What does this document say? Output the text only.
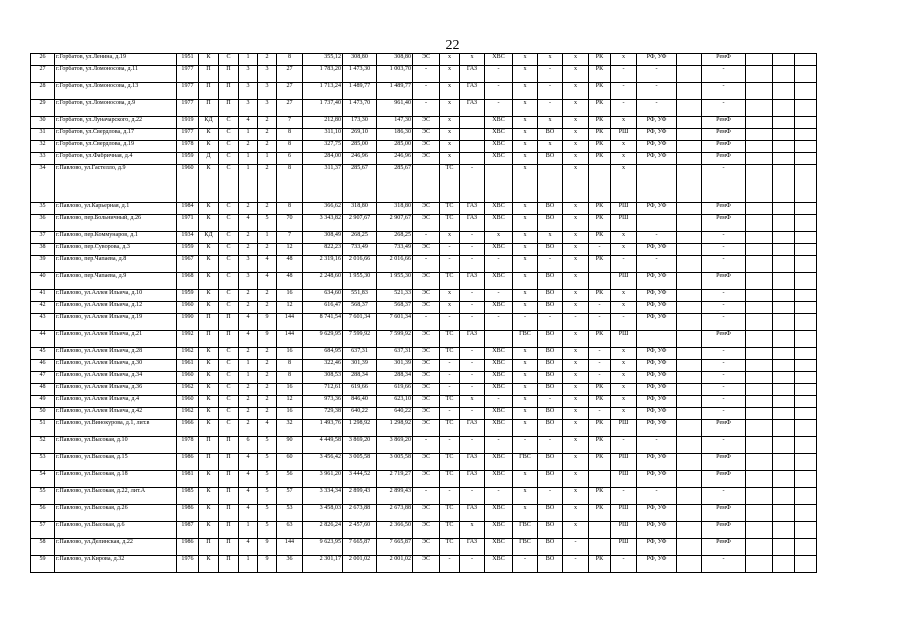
22
26	г.Горбатов, ул.Ленина, д.19	1951	К	С	1	2	8	355,12	308,80	308,80	ЭС	х	х	ХВС	х	х	х	РК	х	РФ, УФ		РемФ			
27	г.Горбатов, ул.Ломоносова, д.11	1977	П	П	3	3	27	1 783,20	1 473,30	1 003,70	-	х	ГАЗ	-	х	-	х	РК	-	-		-			
28	г.Горбатов, ул.Ломоносова, д.13	1977	П	П	3	3	27	1 713,24	1 489,77	1 489,77	-	х	ГАЗ	-	х	-	х	РК	-	-		-			
29	г.Горбатов, ул.Ломоносова, д.9	1977	П	П	3	3	27	1 737,40	1 473,70	961,40	-	х	ГАЗ	-	х	-	х	РК	-	-		-			
30	г.Горбатов, ул.Луначарского, д.22	1919	КД	С	4	2	7	212,80	173,30	147,30	ЭС	х		ХВС	х	х	х	РК	х	РФ, УФ		РемФ			
31	г.Горбатов, ул.Свердлова, д.17	1977	К	С	1	2	8	311,10	269,10	186,30	ЭС	х		ХВС	х	ВО	х	РК	РШ	РФ, УФ		РемФ			
32	г.Горбатов, ул.Свердлова, д.19	1978	К	С	2	2	8	327,75	285,00	285,00	ЭС	х		ХВС	х	х	х	РК	х	РФ, УФ		РемФ			
33	г.Горбатов, ул.Фабричная, д.4	1959	Д	С	1	1	6	284,00	246,96	246,96	ЭС	х		ХВС	х	ВО	х	РК	х	РФ, УФ		РемФ			
34	г.Павлово, ул.Гастелло, д.9	1960	К	С	1	2	8	311,37	285,67	285,67		ТС	-		х		х		х			-			
35	г.Павлово, ул.Карьерная, д.1	1984	К	С	2	2	8	366,62	318,80	318,80	ЭС	ТС	ГАЗ	ХВС	х	ВО	х	РК	РШ	РФ, УФ		РемФ			
36	г.Павлово, пер.Больничный, д.26	1971	К	С	4	5	70	3 343,82	2 907,67	2 907,67	ЭС	ТС	ГАЗ	ХВС	х	ВО	х	РК	РШ			РемФ			
37	г.Павлово, пер.Коммунаров, д.1	1934	КД	С	2	1	7	308,49	268,25	268,25	-	х	-	х	х	х	х	РК	х	-		-			
38	г.Павлово, пер.Суворова, д.3	1959	К	С	2	2	12	822,23	733,49	733,49	ЭС	-	-	ХВС	х	ВО	х	-	х	РФ, УФ		-			
39	г.Павлово, пер.Чапаева, д.8	1967	К	С	3	4	48	2 319,16	2 016,66	2 016,66	-	-	-	-	х	-	х	РК	-	-		-			
40	г.Павлово, пер.Чапаева, д.9	1968	К	С	3	4	48	2 248,60	1 955,30	1 955,30	ЭС	ТС	ГАЗ	ХВС	х	ВО	х		РШ	РФ, УФ		РемФ			
41	г.Павлово, ул.Аллея Ильича, д.10	1959	К	С	2	2	16	634,60	551,83	521,33	ЭС	х	-	-	х	ВО	х	РК	х	РФ, УФ		-			
42	г.Павлово, ул.Аллея Ильича, д.12	1960	К	С	2	2	12	616,47	568,37	568,37	ЭС	х	-	ХВС	х	ВО	х	-	х	РФ, УФ		-			
43	г.Павлово, ул.Аллея Ильича, д.19	1990	П	П	4	9	144	8 741,54	7 601,34	7 601,34	-	-	-	-	-	-	-	-	-	РФ, УФ		-			
44	г.Павлово, ул.Аллея Ильича, д.21	1992	П	П	4	9	144	9 629,95	7 599,92	7 599,92	ЭС	ТС	ГАЗ		ГВС	ВО	х	РК	РШ			РемФ			
45	г.Павлово, ул.Аллея Ильича, д.28	1962	К	С	2	2	16	684,95	637,31	637,31	ЭС	ТС	-	ХВС	х	ВО	х	-	х	РФ, УФ		-			
46	г.Павлово, ул.Аллея Ильича, д.30	1961	К	С	1	2	8	322,46	301,39	301,39	ЭС	-	-	ХВС	х	ВО	х	-	х	РФ, УФ		-			
47	г.Павлово, ул.Аллея Ильича, д.34	1960	К	С	1	2	8	308,53	288,34	288,34	ЭС	-	-	ХВС	х	ВО	х	-	х	РФ, УФ		-			
48	г.Павлово, ул.Аллея Ильича, д.36	1962	К	С	2	2	16	712,61	619,66	619,66	ЭС	-	-	ХВС	х	ВО	х	РК	х	РФ, УФ		-			
49	г.Павлово, ул.Аллея Ильича, д.4	1960	К	С	2	2	12	973,36	846,40	623,10	ЭС	ТС	х	-	х	-	х	РК	х	РФ, УФ		-			
50	г.Павлово, ул.Аллея Ильича, д.42	1962	К	С	2	2	16	729,38	640,22	640,22	ЭС	-	-	ХВС	х	ВО	х	-	х	РФ, УФ		-			
51	г.Павлово, ул.Винокурова, д.1, лит.в	1966	К	С	2	4	32	1 493,76	1 298,92	1 298,92	ЭС	ТС	ГАЗ	ХВС	х	ВО	х	РК	РШ	РФ, УФ		РемФ			
52	г.Павлово, ул.Высокая, д.10	1978	П	П	6	5	90	4 449,58	3 869,20	3 869,20	-	-	-	-	-	-	х	РК	-	-		-			
53	г.Павлово, ул.Высокая, д.15	1986	П	П	4	5	60	3 456,42	3 005,58	3 005,58	ЭС	ТС	ГАЗ	ХВС	ГВС	ВО	х	РК	РШ	РФ, УФ		РемФ			
54	г.Павлово, ул.Высокая, д.18	1981	К	П	4	5	56	3 961,20	3 444,52	2 719,27	ЭС	ТС	ГАЗ	ХВС	х	ВО	х		РШ	РФ, УФ		РемФ			
55	г.Павлово, ул.Высокая, д.22, лит.А	1985	К	П	4	5	57	3 334,34	2 899,43	2 899,43	-	-	-	-	х	-	х	РК	-	-		-			
56	г.Павлово, ул.Высокая, д.26	1986	К	П	4	5	53	3 458,03	2 673,88	2 673,88	ЭС	ТС	ГАЗ	ХВС	х	ВО	х	РК	РШ	РФ, УФ		РемФ			
57	г.Павлово, ул.Высокая, д.6	1987	К	П	1	5	63	2 826,24	2 457,60	2 366,50	ЭС	ТС	х	ХВС	ГВС	ВО	х		РШ	РФ, УФ		РемФ			
58	г.Павлово, ул.Делинская, д.22	1986	П	П	4	9	144	9 623,95	7 665,87	7 665,87	ЭС	ТС	ГАЗ	ХВС	ГВС	ВО	-		РШ	РФ, УФ		РемФ			
59	г.Павлово, ул.Кирова, д.32	1976	К	П	1	9	36	2 301,17	2 001,02	2 001,02	ЭС	-	-	ХВС	-	ВО	-	РК	-	РФ, УФ		-			
